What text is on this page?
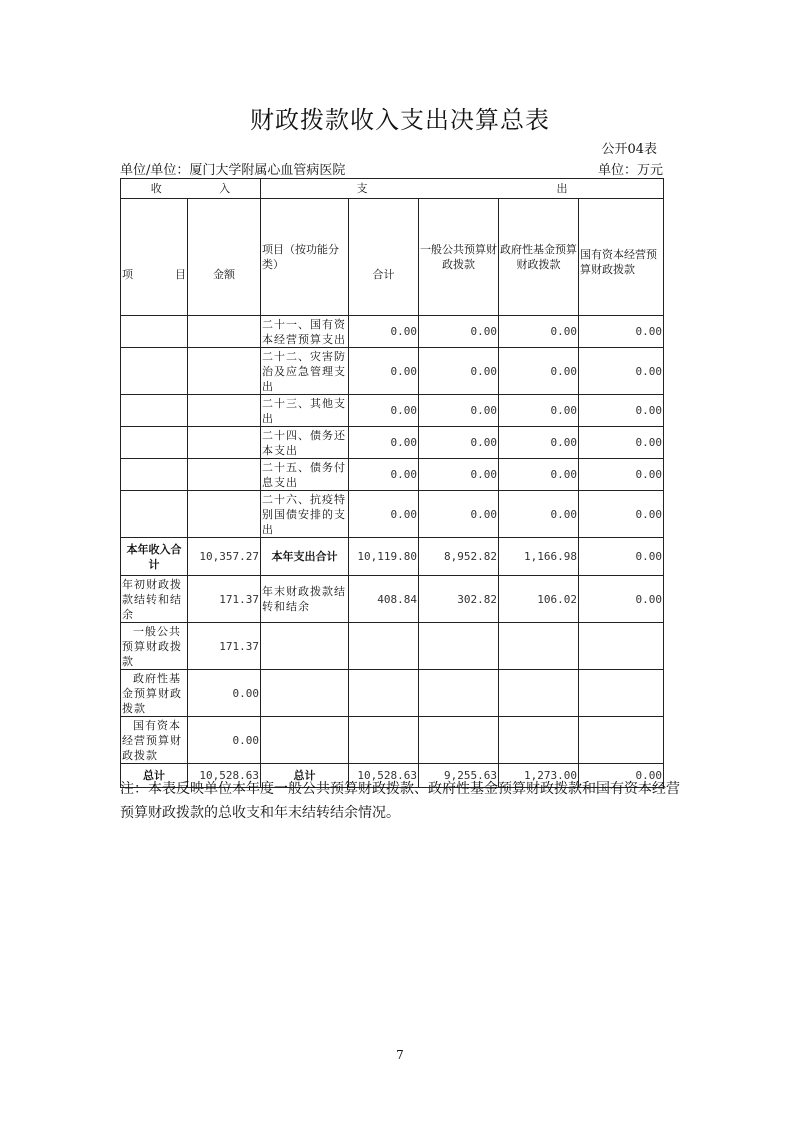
财政拨款收入支出决算总表
公开04表
单位/单位：厦门大学附属心血管病医院	单位：万元
收 入		支 出				

项 目	金额	项目（按功能分类）	合计	一般公共预算财政拨款	政府性基金预算财政拨款	国有资本经营预算财政拨款
		二十一、国有资本经营预算支出	0.00	0.00	0.00	0.00
		二十二、灾害防治及应急管理支出	0.00	0.00	0.00	0.00
		二十三、其他支出	0.00	0.00	0.00	0.00
		二十四、债务还本支出	0.00	0.00	0.00	0.00
		二十五、债务付息支出	0.00	0.00	0.00	0.00
		二十六、抗疫特别国债安排的支出	0.00	0.00	0.00	0.00
本年收入合计	10,357.27	本年支出合计	10,119.80	8,952.82	1,166.98	0.00
年初财政拨款结转和结余	171.37	年末财政拨款结转和结余	408.84	302.82	106.02	0.00
一般公共预算财政拨款	171.37					
政府性基金预算财政拨款	0.00					
国有资本经营预算财政拨款	0.00					
总计	10,528.63	总计	10,528.63	9,255.63	1,273.00	0.00
注：本表反映单位本年度一般公共预算财政拨款、政府性基金预算财政拨款和国有资本经营预算财政拨款的总收支和年末结转结余情况。
7
